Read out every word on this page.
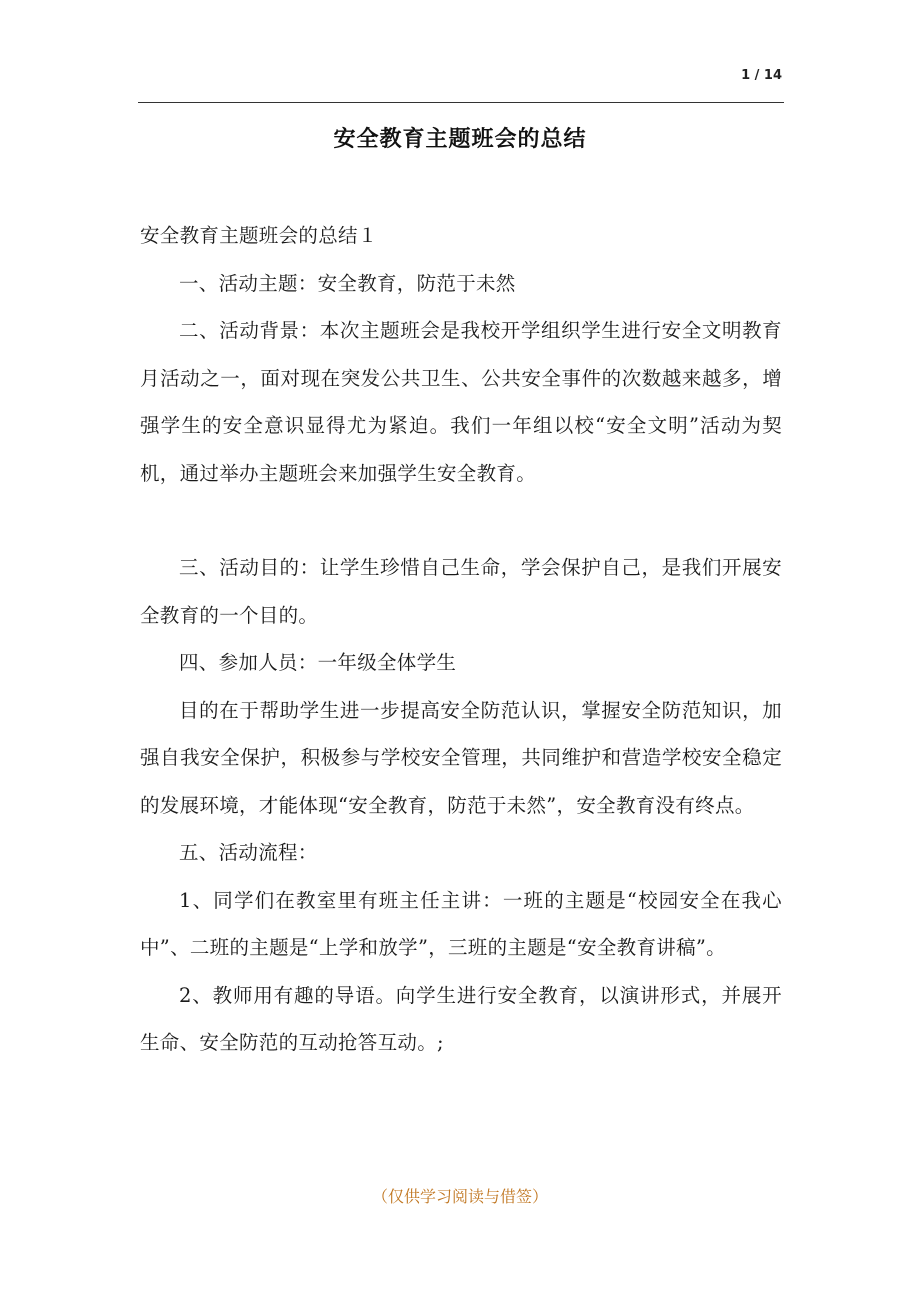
1 / 14
安全教育主题班会的总结

安全教育主题班会的总结１

一、活动主题：安全教育，防范于未然

二、活动背景：本次主题班会是我校开学组织学生进行安全文明教育月活动之一，面对现在突发公共卫生、公共安全事件的次数越来越多，增强学生的安全意识显得尤为紧迫。我们一年组以校“安全文明”活动为契机，通过举办主题班会来加强学生安全教育。

三、活动目的：让学生珍惜自己生命，学会保护自己，是我们开展安全教育的一个目的。

四、参加人员：一年级全体学生

目的在于帮助学生进一步提高安全防范认识，掌握安全防范知识，加强自我安全保护，积极参与学校安全管理，共同维护和营造学校安全稳定的发展环境，才能体现“安全教育，防范于未然”，安全教育没有终点。

五、活动流程：

1、同学们在教室里有班主任主讲：一班的主题是“校园安全在我心中”、二班的主题是“上学和放学”，三班的主题是“安全教育讲稿”。

2、教师用有趣的导语。向学生进行安全教育，以演讲形式，并展开生命、安全防范的互动抢答互动。;

（仅供学习阅读与借签）
